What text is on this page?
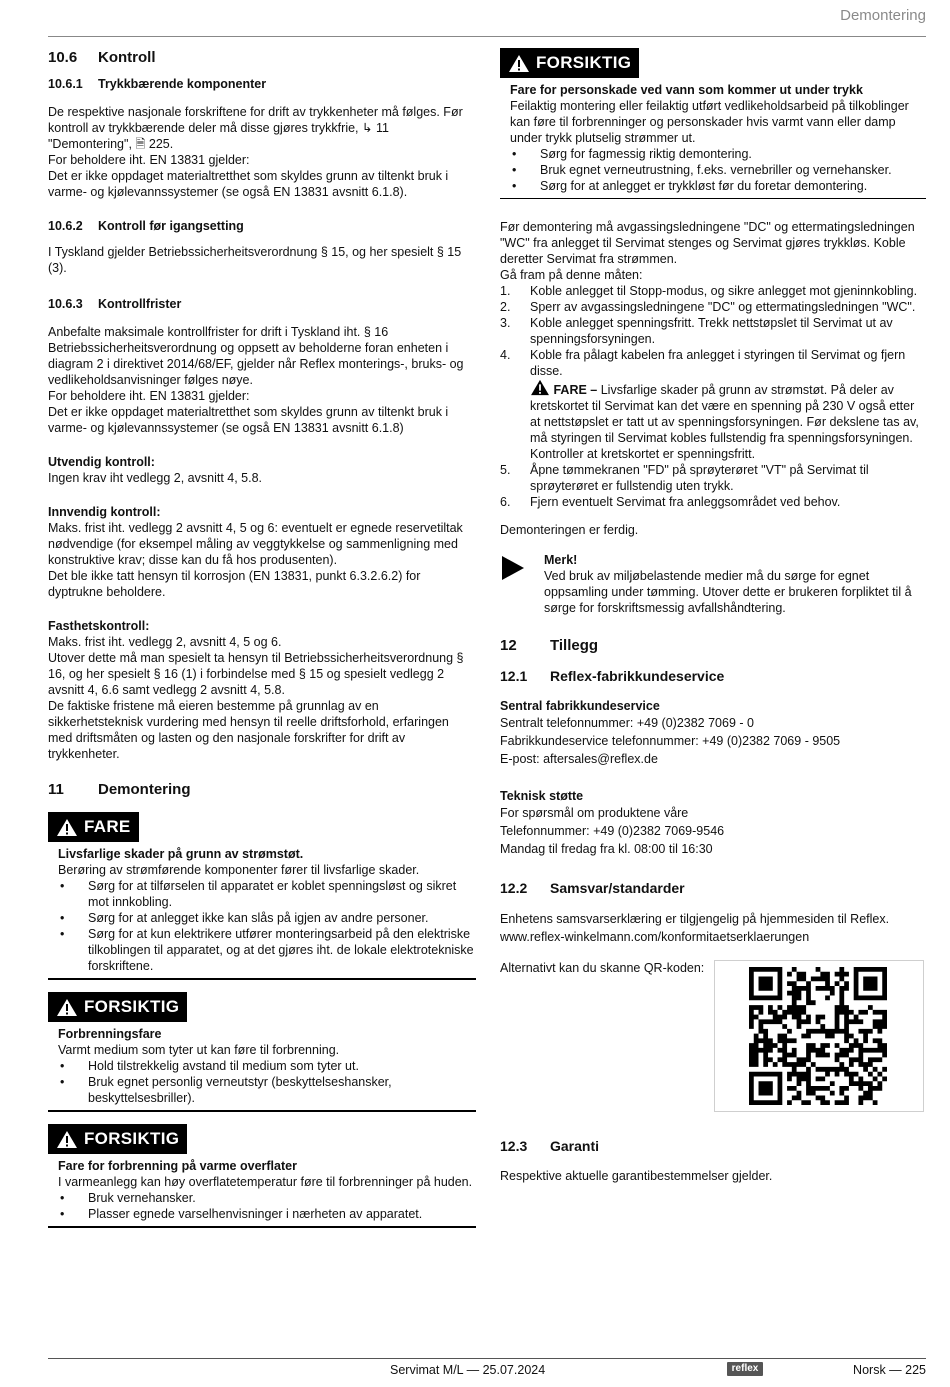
Demontering
10.6 Kontroll
10.6.1 Trykkbærende komponenter

De respektive nasjonale forskriftene for drift av trykkenheter må følges. Før kontroll av trykkbærende deler må disse gjøres trykkfrie, ↳ 11 "Demontering", 🗎 225.

For beholdere iht. EN 13831 gjelder:

Det er ikke oppdaget materialtretthet som skyldes grunn av tiltenkt bruk i varme- og kjølevannssystemer (se også EN 13831 avsnitt 6.1.8).

10.6.2 Kontroll før igangsetting

I Tyskland gjelder Betriebssicherheitsverordnung § 15, og her spesielt § 15 (3).

10.6.3 Kontrollfrister

Anbefalte maksimale kontrollfrister for drift i Tyskland iht. § 16 Betriebssicherheitsverordnung og oppsett av beholderne foran enheten i diagram 2 i direktivet 2014/68/EF, gjelder når Reflex monterings-, bruks- og vedlikeholdsanvisninger følges nøye.

For beholdere iht. EN 13831 gjelder:

Det er ikke oppdaget materialtretthet som skyldes grunn av tiltenkt bruk i varme- og kjølevannssystemer (se også EN 13831 avsnitt 6.1.8)

Utvendig kontroll:

Ingen krav iht vedlegg 2, avsnitt 4, 5.8.

Innvendig kontroll:

Maks. frist iht. vedlegg 2 avsnitt 4, 5 og 6: eventuelt er egnede reservetiltak nødvendige (for eksempel måling av veggtykkelse og sammenligning med konstruktive krav; disse kan du få hos produsenten).

Det ble ikke tatt hensyn til korrosjon (EN 13831, punkt 6.3.2.6.2) for dyptrukne beholdere.

Fasthetskontroll:

Maks. frist iht. vedlegg 2, avsnitt 4, 5 og 6.

Utover dette må man spesielt ta hensyn til Betriebssicherheitsverordnung § 16, og her spesielt § 16 (1) i forbindelse med § 15 og spesielt vedlegg 2 avsnitt 4, 6.6 samt vedlegg 2 avsnitt 4, 5.8.

De faktiske fristene må eieren bestemme på grunnlag av en sikkerhetsteknisk vurdering med hensyn til reelle driftsforhold, erfaringen med driftsmåten og lasten og den nasjonale forskrifter for drift av trykkenheter.

11 Demontering
FARE

Livsfarlige skader på grunn av strømstøt.

Berøring av strømførende komponenter fører til livsfarlige skader.

• Sørg for at tilførselen til apparatet er koblet spenningsløst og sikret mot innkobling.
• Sørg for at anlegget ikke kan slås på igjen av andre personer.
• Sørg for at kun elektrikere utfører monteringsarbeid på den elektriske tilkoblingen til apparatet, og at det gjøres iht. de lokale elektrotekniske forskriftene.
FORSIKTIG

Forbrenningsfare

Varmt medium som tyter ut kan føre til forbrenning.

• Hold tilstrekkelig avstand til medium som tyter ut.
• Bruk egnet personlig verneutstyr (beskyttelseshansker, beskyttelsesbriller).
FORSIKTIG

Fare for forbrenning på varme overflater

I varmeanlegg kan høy overflatetemperatur føre til forbrenninger på huden.

• Bruk vernehansker.
• Plasser egnede varselhenvisninger i nærheten av apparatet.
FORSIKTIG

Fare for personskade ved vann som kommer ut under trykk

Feilaktig montering eller feilaktig utført vedlikeholdsarbeid på tilkoblinger kan føre til forbrenninger og personskader hvis varmt vann eller damp under trykk plutselig strømmer ut.

• Sørg for fagmessig riktig demontering.
• Bruk egnet verneutrustning, f.eks. vernebriller og vernehansker.
• Sørg for at anlegget er trykkløst før du foretar demontering.

Før demontering må avgassingsledningene "DC" og ettermatingsledningen "WC" fra anlegget til Servimat stenges og Servimat gjøres trykkløs. Koble deretter Servimat fra strømmen.

Gå fram på denne måten:

1. Koble anlegget til Stopp-modus, og sikre anlegget mot gjeninnkobling.
2. Sperr av avgassingsledningene "DC" og ettermatingsledningen "WC".
3. Koble anlegget spenningsfritt. Trekk nettstøpslet til Servimat ut av spenningsforsyningen.
4. Koble fra pålagt kabelen fra anlegget i styringen til Servimat og fjern disse.
FARE – Livsfarlige skader på grunn av strømstøt. På deler av kretskortet til Servimat kan det være en spenning på 230 V også etter at nettstøpslet er tatt ut av spenningsforsyningen. Før dekslene tas av, må styringen til Servimat kobles fullstendig fra spenningsforsyningen. Kontroller at kretskortet er spenningsfritt.
5. Åpne tømmekranen "FD" på sprøyterøret "VT" på Servimat til sprøyterøret er fullstendig uten trykk.
6. Fjern eventuelt Servimat fra anleggsområdet ved behov.

Demonteringen er ferdig.

Merk!

Ved bruk av miljøbelastende medier må du sørge for egnet oppsamling under tømming. Utover dette er brukeren forpliktet til å sørge for forskriftsmessig avfallshåndtering.

12 Tillegg
12.1 Reflex-fabrikkundeservice

Sentral fabrikkundeservice

Sentralt telefonnummer: +49 (0)2382 7069 - 0

Fabrikkundeservice telefonnummer: +49 (0)2382 7069 - 9505

E-post: aftersales@reflex.de

Teknisk støtte

For spørsmål om produktene våre

Telefonnummer: +49 (0)2382 7069-9546

Mandag til fredag fra kl. 08:00 til 16:30

12.2 Samsvar/standarder

Enhetens samsvarserklæring er tilgjengelig på hjemmesiden til Reflex.

www.reflex-winkelmann.com/konformitaetserklaerungen

Alternativt kan du skanne QR-koden:

12.3 Garanti

Respektive aktuelle garantibestemmelser gjelder.

Servimat M/L — 25.07.2024	reflex	Norsk — 225
